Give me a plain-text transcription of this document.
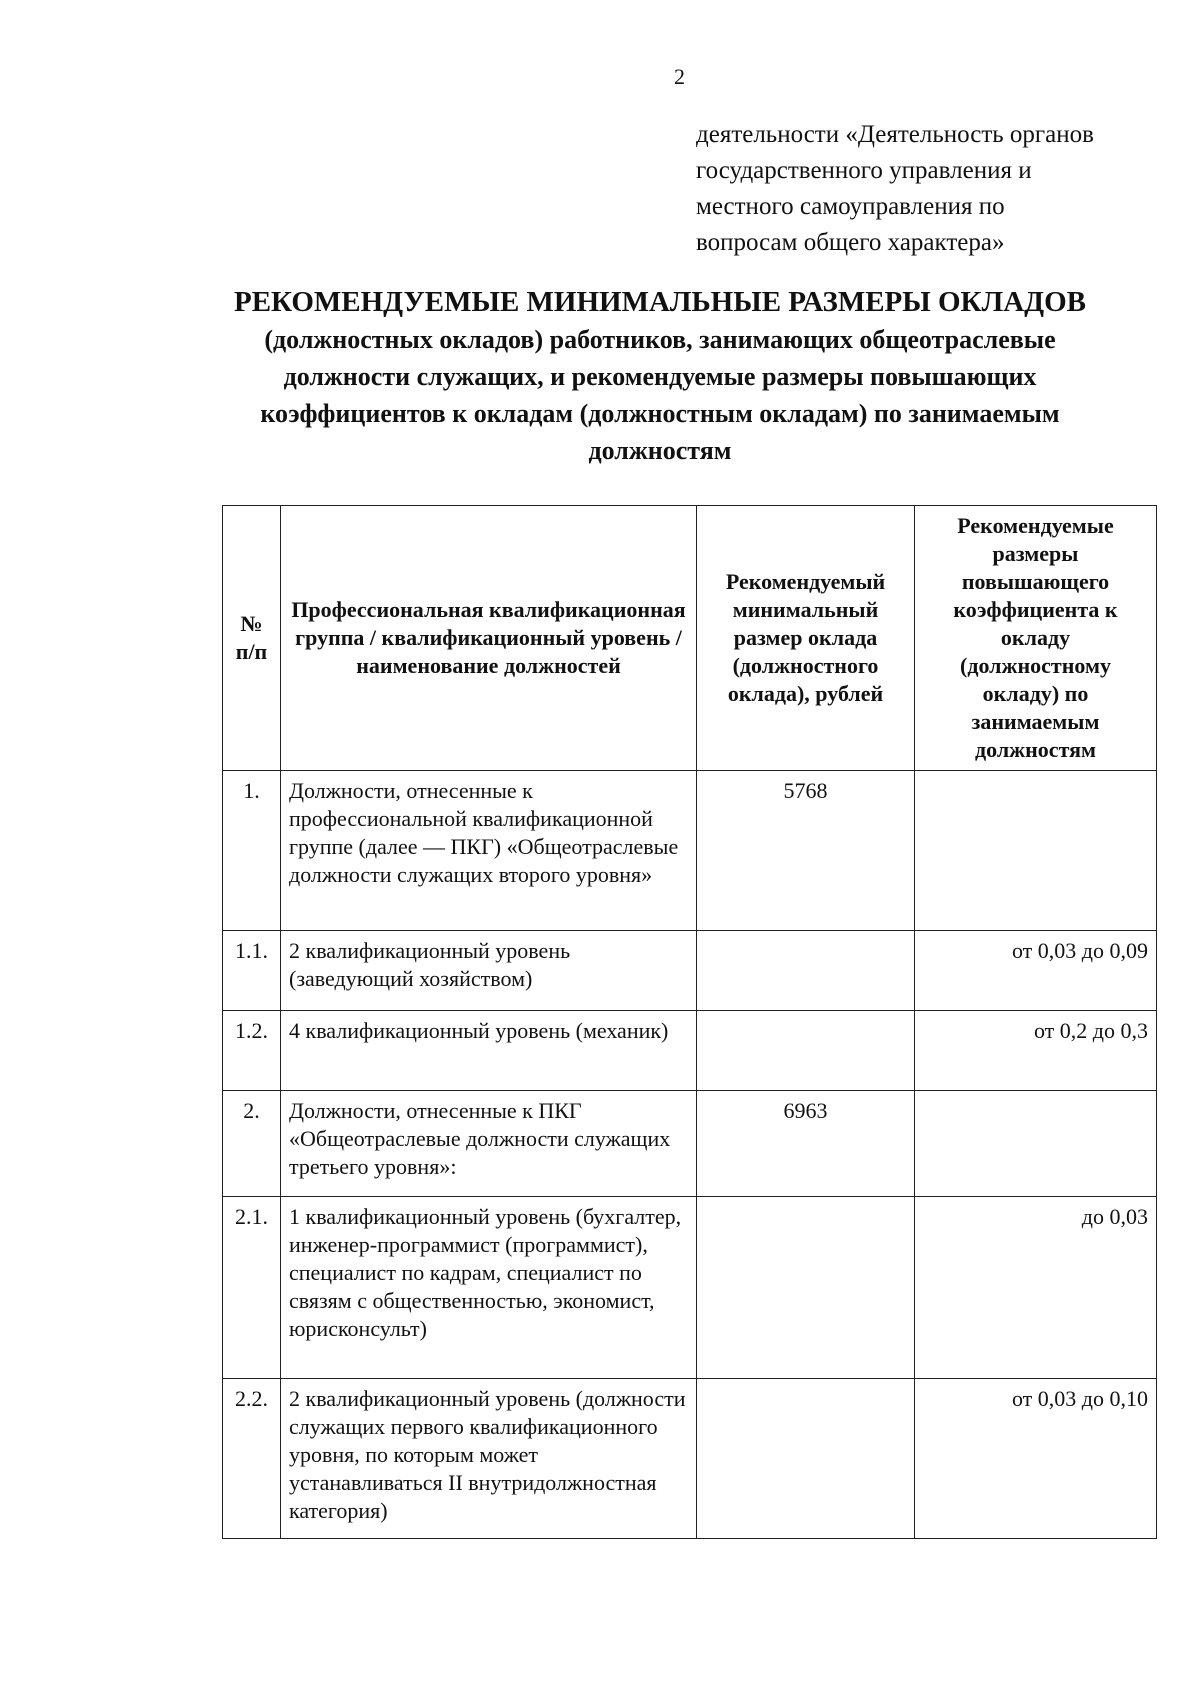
2
деятельности «Деятельность органов
государственного управления и
местного самоуправления по
вопросам общего характера»
РЕКОМЕНДУЕМЫЕ МИНИМАЛЬНЫЕ РАЗМЕРЫ ОКЛАДОВ
(должностных окладов) работников, занимающих общеотраслевые
должности служащих, и рекомендуемые размеры повышающих
коэффициентов к окладам (должностным окладам) по занимаемым
должностям
№ п/п	Профессиональная квалификационная группа / квалификационный уровень / наименование должностей	Рекомендуемый минимальный размер оклада (должностного оклада), рублей	Рекомендуемые размеры повышающего коэффициента к окладу (должностному окладу) по занимаемым должностям
1.	Должности, отнесенные к профессиональной квалификационной группе (далее — ПКГ) «Общеотраслевые должности служащих второго уровня»	5768	
1.1.	2 квалификационный уровень (заведующий хозяйством)		от 0,03 до 0,09
1.2.	4 квалификационный уровень (механик)		от 0,2 до 0,3
2.	Должности, отнесенные к ПКГ «Общеотраслевые должности служащих третьего уровня»:	6963	
2.1.	1 квалификационный уровень (бухгалтер, инженер-программист (программист), специалист по кадрам, специалист по связям с общественностью, экономист, юрисконсульт)		до 0,03
2.2.	2 квалификационный уровень (должности служащих первого квалификационного уровня, по которым может устанавливаться II внутридолжностная категория)		от 0,03 до 0,10
